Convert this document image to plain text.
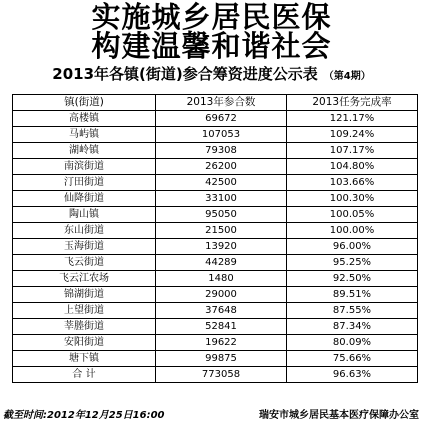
实施城乡居民医保
构建温馨和谐社会
2013年各镇(街道)参合筹资进度公示表 （第4期）
镇(街道)	2013年参合数	2013任务完成率
高楼镇	69672	121.17%
马屿镇	107053	109.24%
湖岭镇	79308	107.17%
南滨街道	26200	104.80%
汀田街道	42500	103.66%
仙降街道	33100	100.30%
陶山镇	95050	100.05%
东山街道	21500	100.00%
玉海街道	13920	96.00%
飞云街道	44289	95.25%
飞云江农场	1480	92.50%
锦湖街道	29000	89.51%
上望街道	37648	87.55%
莘塍街道	52841	87.34%
安阳街道	19622	80.09%
塘下镇	99875	75.66%
合 计	773058	96.63%
截至时间:2012年12月25日16:00	瑞安市城乡居民基本医疗保障办公室
